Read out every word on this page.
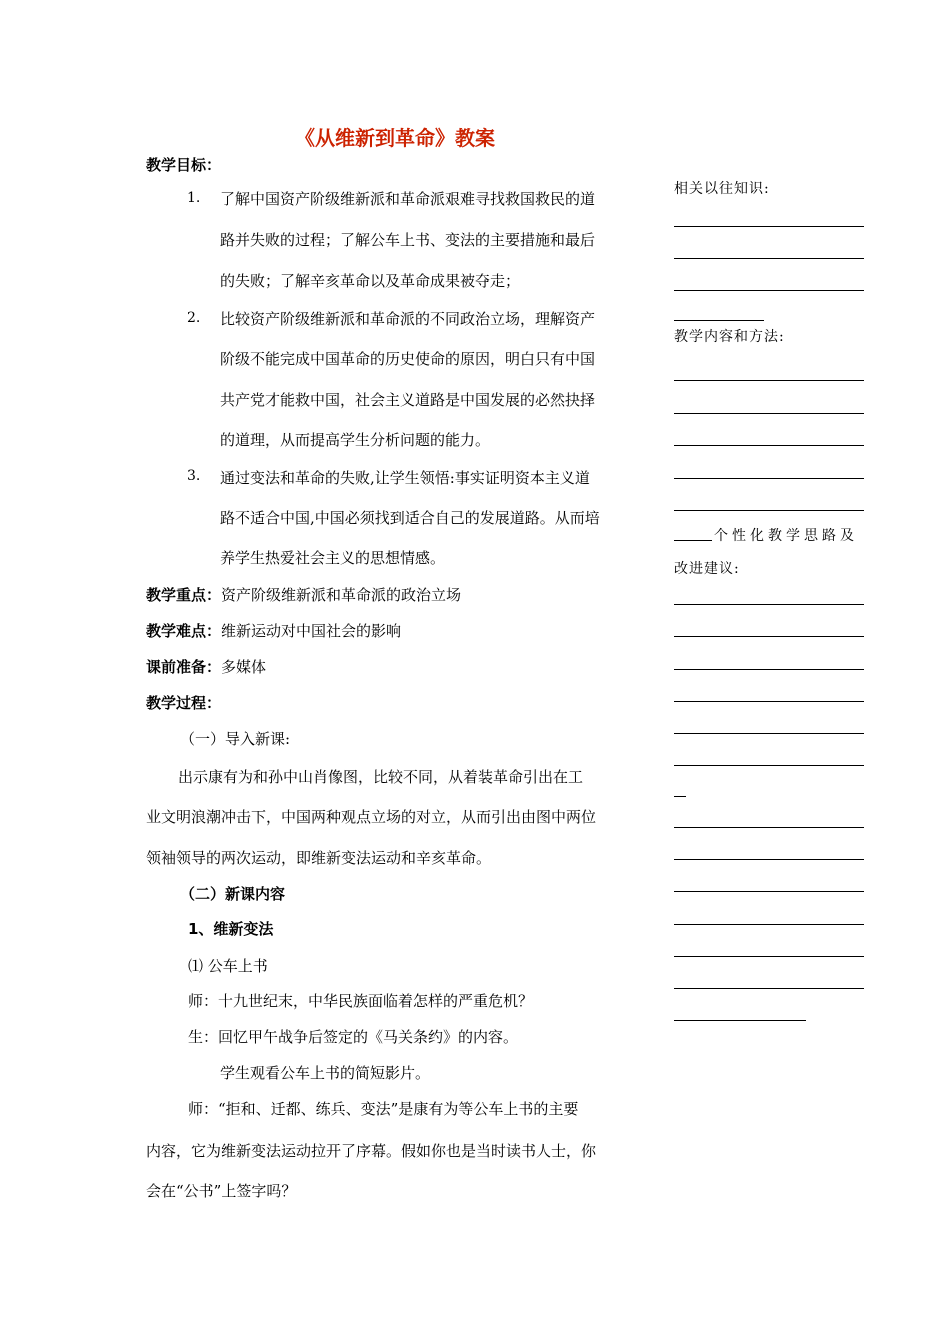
《从维新到革命》教案
教学目标：
1. 了解中国资产阶级维新派和革命派艰难寻找救国救民的道
路并失败的过程；了解公车上书、变法的主要措施和最后
的失败；了解辛亥革命以及革命成果被夺走；
2. 比较资产阶级维新派和革命派的不同政治立场，理解资产
阶级不能完成中国革命的历史使命的原因，明白只有中国
共产党才能救中国，社会主义道路是中国发展的必然抉择
的道理，从而提高学生分析问题的能力。
3. 通过变法和革命的失败,让学生领悟:事实证明资本主义道
路不适合中国,中国必须找到适合自己的发展道路。从而培
养学生热爱社会主义的思想情感。
教学重点：资产阶级维新派和革命派的政治立场
教学难点：维新运动对中国社会的影响
课前准备：多媒体
教学过程：
（一）导入新课:
出示康有为和孙中山肖像图，比较不同，从着装革命引出在工
业文明浪潮冲击下，中国两种观点立场的对立，从而引出由图中两位
领袖领导的两次运动，即维新变法运动和辛亥革命。
（二）新课内容
1、维新变法
⑴ 公车上书
师：十九世纪末，中华民族面临着怎样的严重危机？
生：回忆甲午战争后签定的《马关条约》的内容。
学生观看公车上书的简短影片。
师：“拒和、迁都、练兵、变法”是康有为等公车上书的主要
内容，它为维新变法运动拉开了序幕。假如你也是当时读书人士，你
会在“公书”上签字吗？
相关以往知识:
教学内容和方法:
个性化教学思路及
改进建议:
